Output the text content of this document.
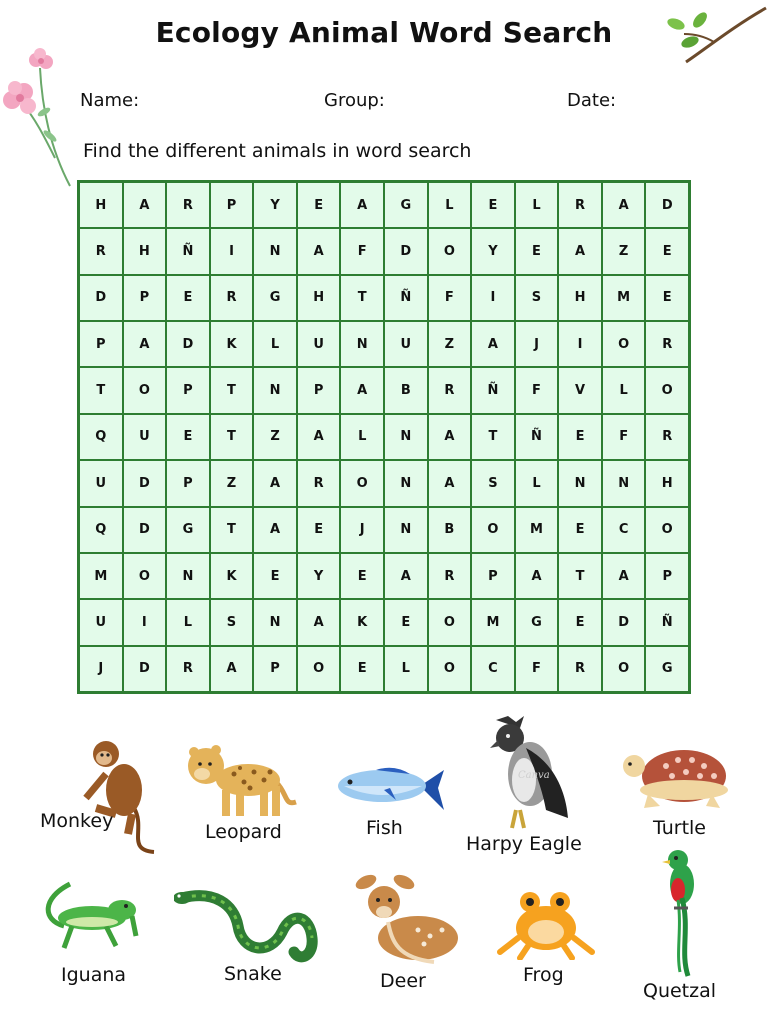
Ecology Animal Word Search
Name:	Group:	Date:
Find the different animals in word search
H	A	R	P	Y	E	A	G	L	E	L	R	A	D
R	H	Ñ	I	N	A	F	D	O	Y	E	A	Z	E
D	P	E	R	G	H	T	Ñ	F	I	S	H	M	E
P	A	D	K	L	U	N	U	Z	A	J	I	O	R
T	O	P	T	N	P	A	B	R	Ñ	F	V	L	O
Q	U	E	T	Z	A	L	N	A	T	Ñ	E	F	R
U	D	P	Z	A	R	O	N	A	S	L	N	N	H
Q	D	G	T	A	E	J	N	B	O	M	E	C	O
M	O	N	K	E	Y	E	A	R	P	A	T	A	P
U	I	L	S	N	A	K	E	O	M	G	E	D	Ñ
J	D	R	A	P	O	E	L	O	C	F	R	O	G
Monkey	Leopard	Fish
Canva
Harpy Eagle
Turtle
Iguana	Snake	Deer	Frog
Quetzal
